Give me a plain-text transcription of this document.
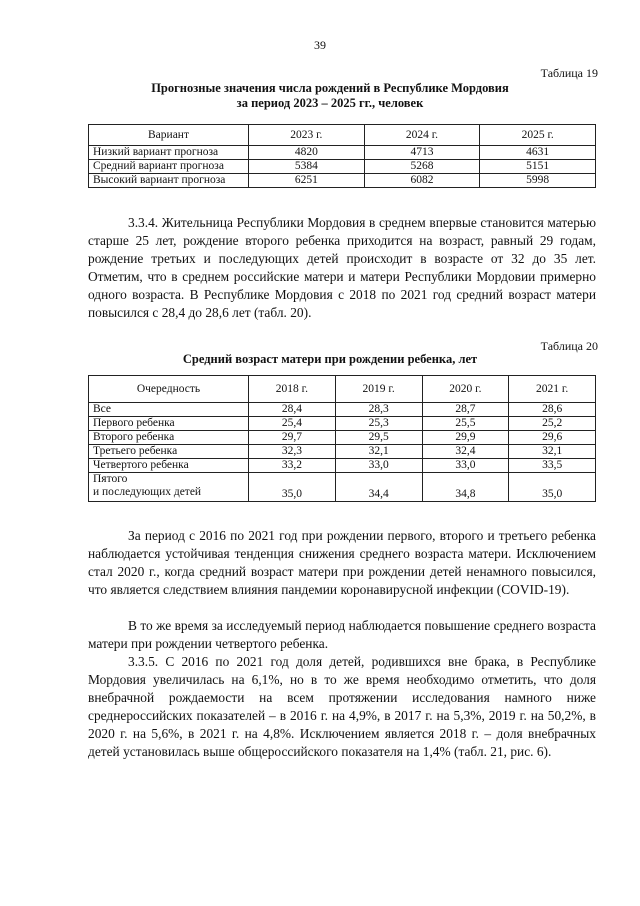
39
Таблица 19
Прогнозные значения числа рождений в Республике Мордовия
за период 2023 – 2025 гг., человек
Вариант	2023 г.	2024 г.	2025 г.
Низкий вариант прогноза	4820	4713	4631
Средний вариант прогноза	5384	5268	5151
Высокий вариант прогноза	6251	6082	5998

3.3.4. Жительница Республики Мордовия в среднем впервые становится матерью старше 25 лет, рождение второго ребенка приходится на возраст, равный 29 годам, рождение третьих и последующих детей происходит в возрасте от 32 до 35 лет. Отметим, что в среднем российские матери и матери Республики Мордовии примерно одного возраста. В Республике Мордовия с 2018 по 2021 год средний возраст матери повысился с 28,4 до 28,6 лет (табл. 20).

Таблица 20
Средний возраст матери при рождении ребенка, лет
Очередность	2018 г.	2019 г.	2020 г.	2021 г.
Все	28,4	28,3	28,7	28,6
Первого ребенка	25,4	25,3	25,5	25,2
Второго ребенка	29,7	29,5	29,9	29,6
Третьего ребенка	32,3	32,1	32,4	32,1
Четвертого ребенка	33,2	33,0	33,0	33,5

Пятого
и последующих детей	35,0	34,4	34,8	35,0

За период с 2016 по 2021 год при рождении первого, второго и третьего ребенка наблюдается устойчивая тенденция снижения среднего возраста матери. Исключением стал 2020 г., когда средний возраст матери при рождении детей ненамного повысился, что является следствием влияния пандемии коронавирусной инфекции (COVID-19).

В то же время за исследуемый период наблюдается повышение среднего возраста матери при рождении четвертого ребенка.

3.3.5. С 2016 по 2021 год доля детей, родившихся вне брака, в Республике Мордовия увеличилась на 6,1%, но в то же время необходимо отметить, что доля внебрачной рождаемости на всем протяжении исследования намного ниже среднероссийских показателей – в 2016 г. на 4,9%, в 2017 г. на 5,3%, 2019 г. на 50,2%, в 2020 г. на 5,6%, в 2021 г. на 4,8%. Исключением является 2018 г. – доля внебрачных детей установилась выше общероссийского показателя на 1,4% (табл. 21, рис. 6).
